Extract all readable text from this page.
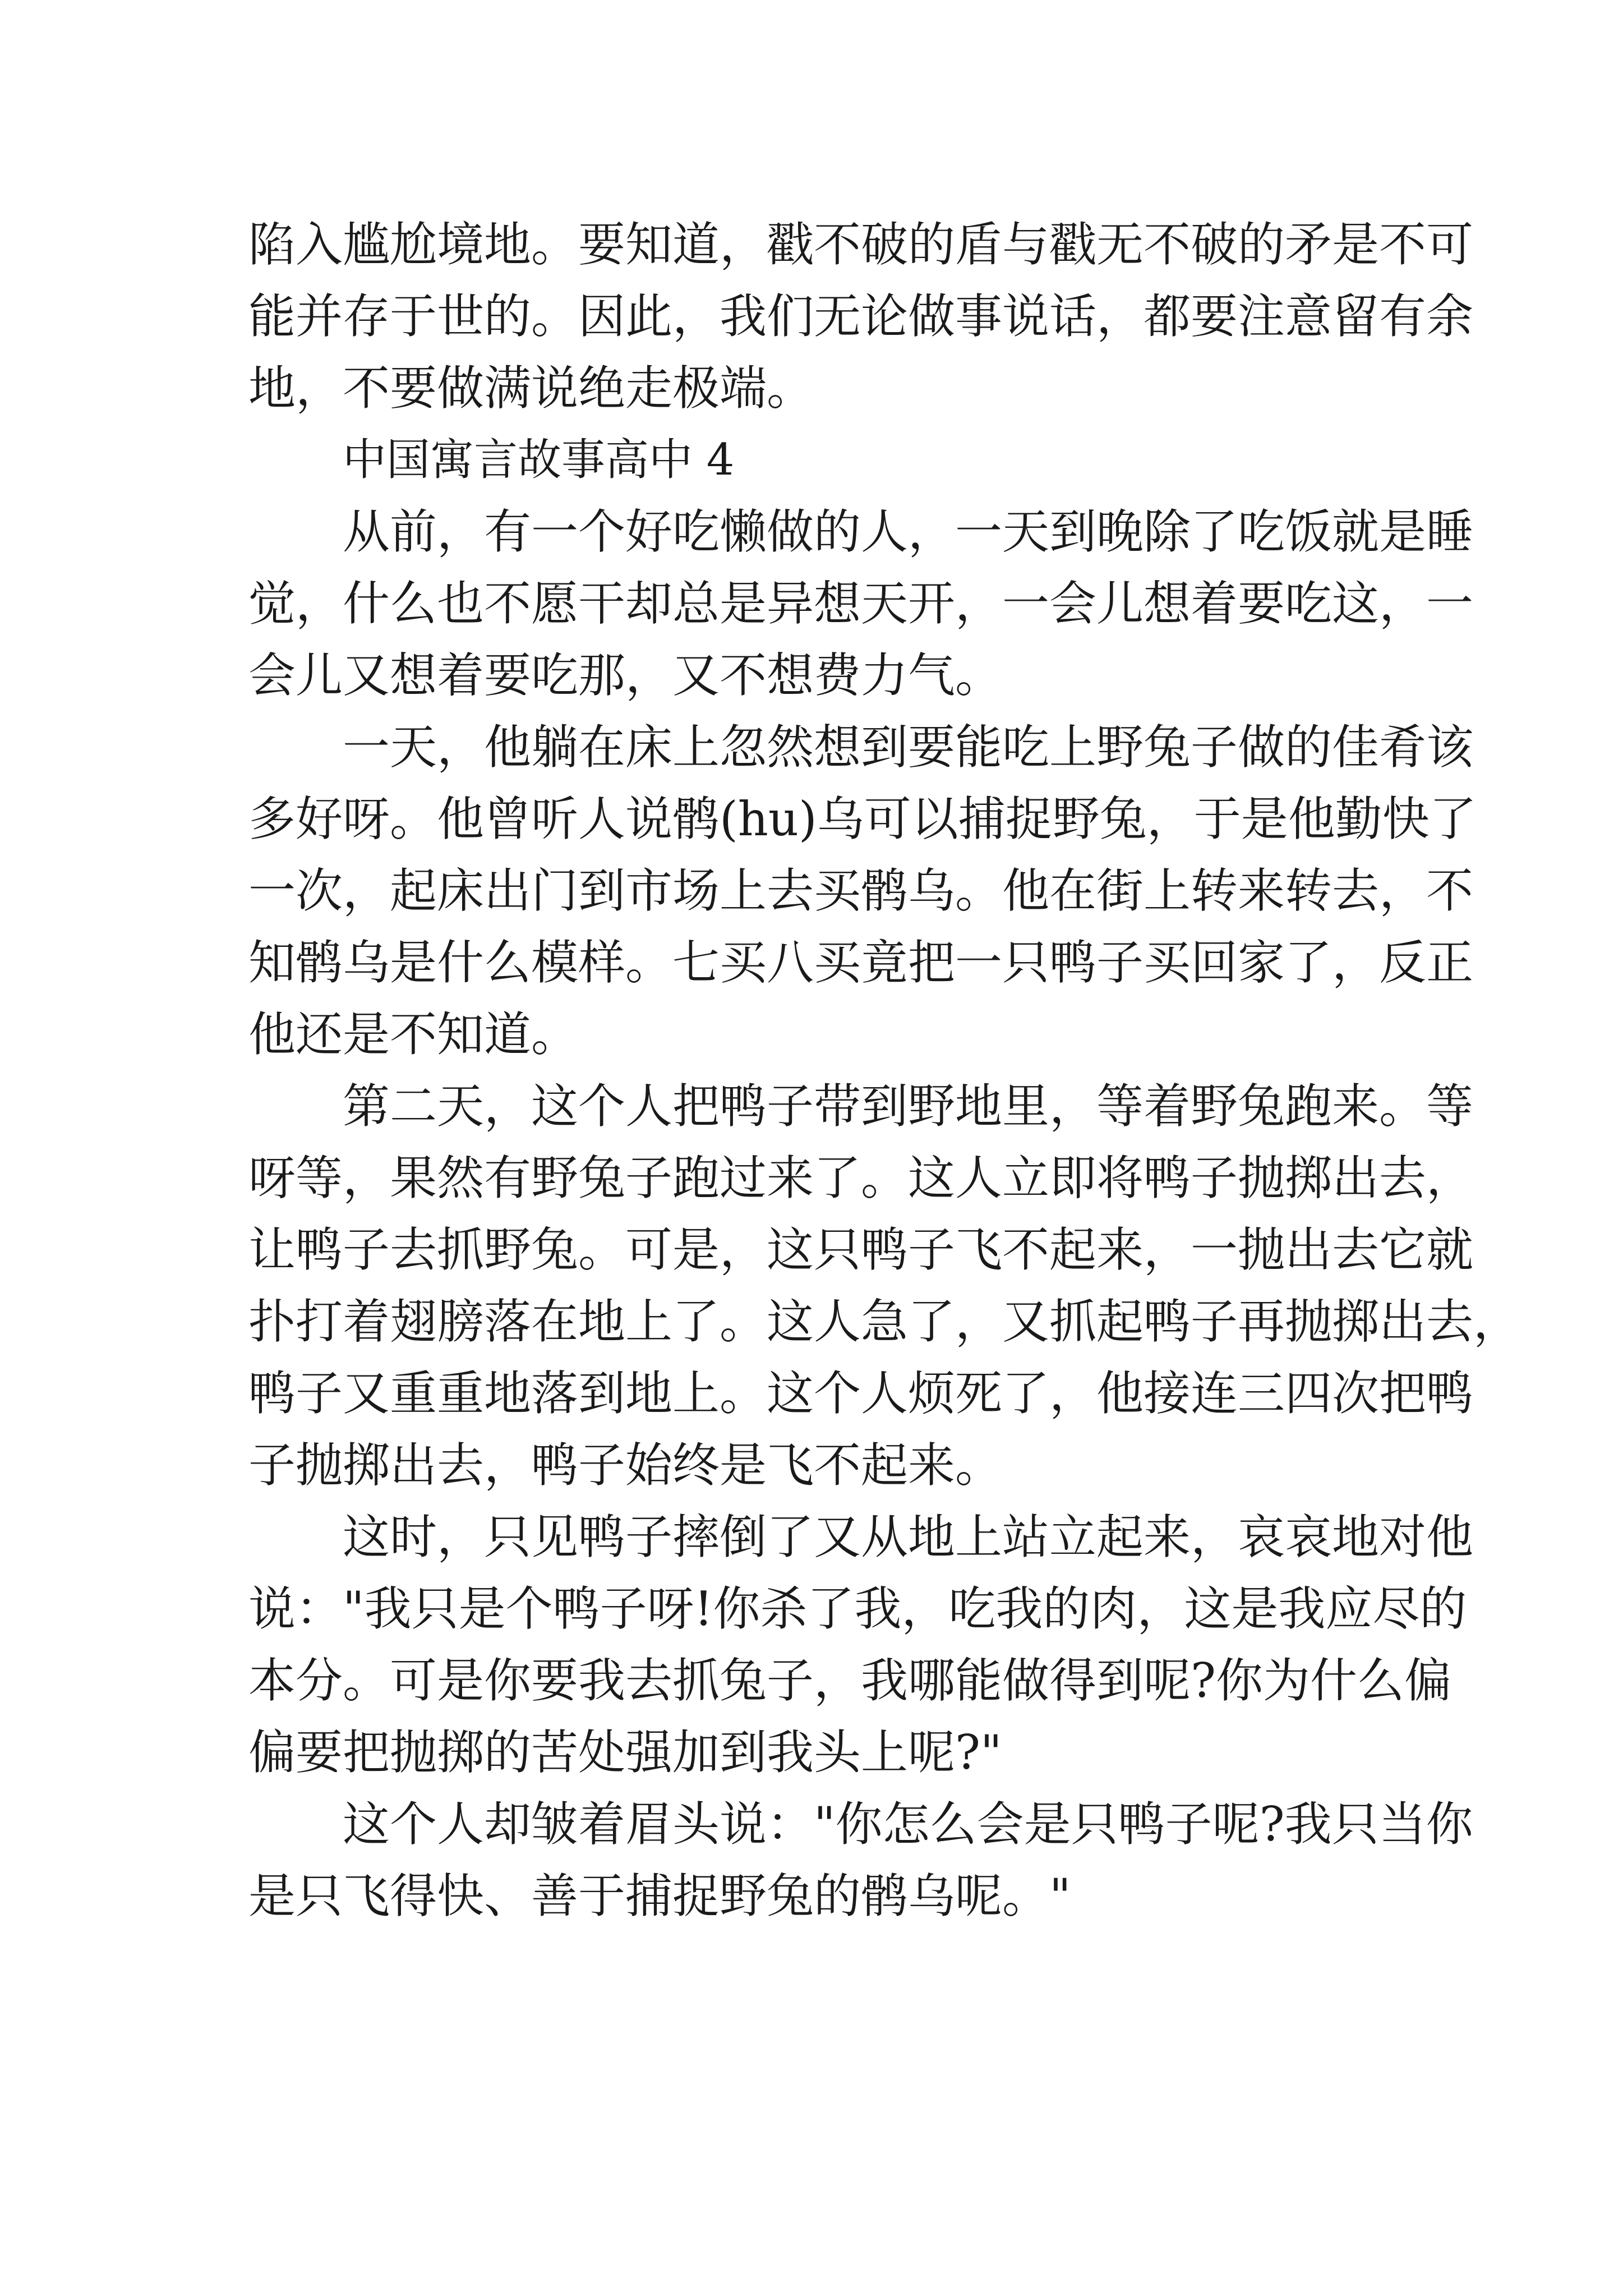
陷入尴尬境地。要知道，戳不破的盾与戳无不破的矛是不可
能并存于世的。因此，我们无论做事说话，都要注意留有余
地，不要做满说绝走极端。
中国寓言故事高中 4
从前，有一个好吃懒做的人，一天到晚除了吃饭就是睡
觉，什么也不愿干却总是异想天开，一会儿想着要吃这，一
会儿又想着要吃那，又不想费力气。
一天，他躺在床上忽然想到要能吃上野兔子做的佳肴该
多好呀。他曾听人说鹘(hu)乌可以捕捉野兔，于是他勤快了
一次，起床出门到市场上去买鹘乌。他在街上转来转去，不
知鹘乌是什么模样。七买八买竟把一只鸭子买回家了，反正
他还是不知道。
第二天，这个人把鸭子带到野地里，等着野兔跑来。等
呀等，果然有野兔子跑过来了。这人立即将鸭子抛掷出去，
让鸭子去抓野兔。可是，这只鸭子飞不起来，一抛出去它就
扑打着翅膀落在地上了。这人急了，又抓起鸭子再抛掷出去，
鸭子又重重地落到地上。这个人烦死了，他接连三四次把鸭
子抛掷出去，鸭子始终是飞不起来。
这时，只见鸭子摔倒了又从地上站立起来，哀哀地对他
说："我只是个鸭子呀!你杀了我，吃我的肉，这是我应尽的
本分。可是你要我去抓兔子，我哪能做得到呢?你为什么偏
偏要把抛掷的苦处强加到我头上呢?"
这个人却皱着眉头说："你怎么会是只鸭子呢?我只当你
是只飞得快、善于捕捉野兔的鹘乌呢。"
